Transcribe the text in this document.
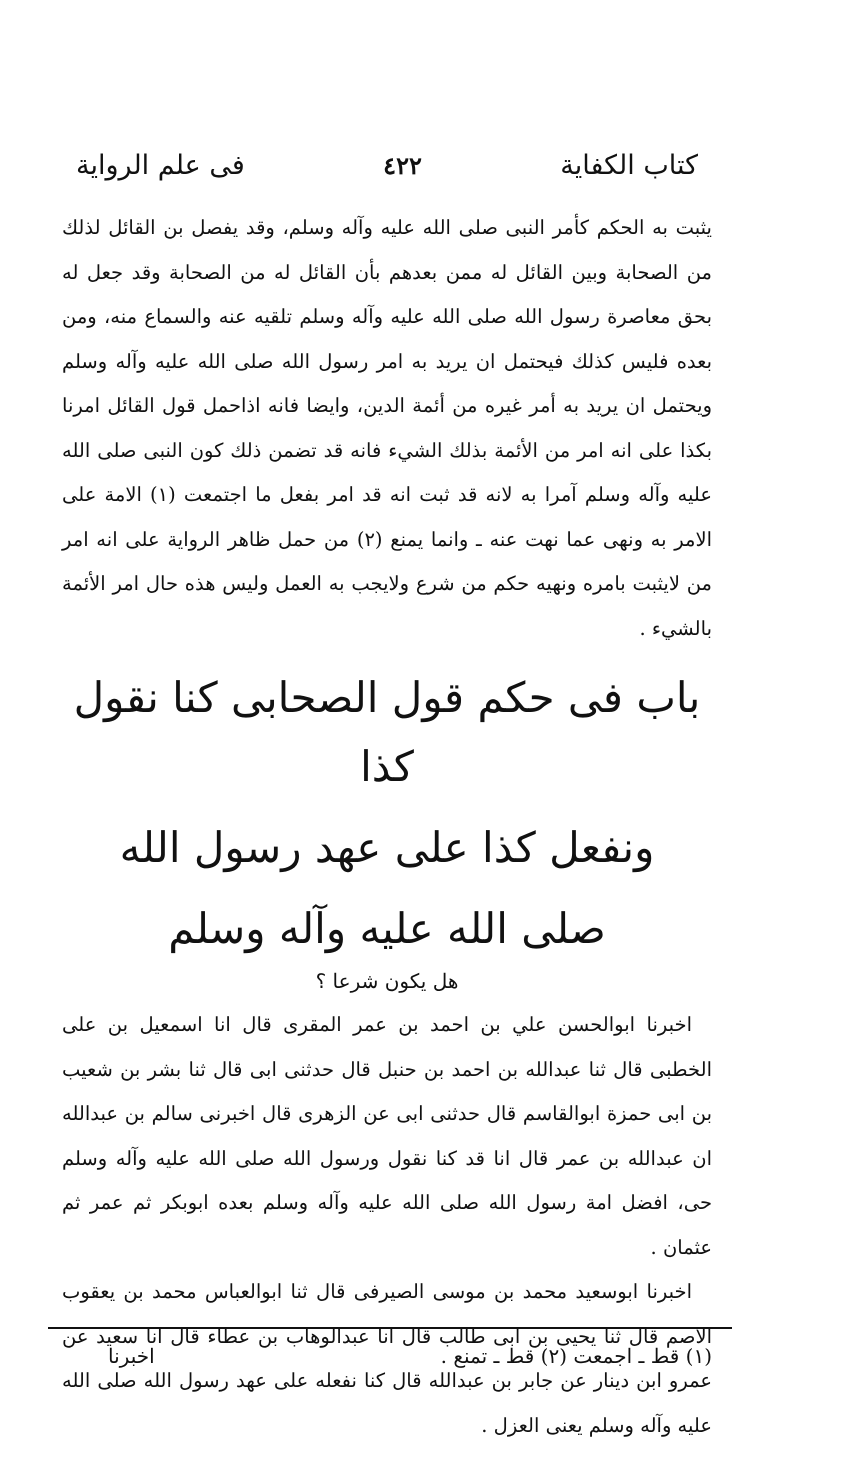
كتاب الكفاية
٤٢٢
فى علم الرواية

يثبت به الحكم كأمر النبى صلى الله عليه وآله وسلم، وقد يفصل بن القائل لذلك من الصحابة وبين القائل له ممن بعدهم بأن القائل له من الصحابة وقد جعل له بحق معاصرة رسول الله صلى الله عليه وآله وسلم تلقيه عنه والسماع منه، ومن بعده فليس كذلك فيحتمل ان يريد به امر رسول الله صلى الله عليه وآله وسلم ويحتمل ان يريد به أمر غيره من أئمة الدين، وايضا فانه اذاحمل قول القائل امرنا بكذا على انه امر من الأئمة بذلك الشيء فانه قد تضمن ذلك كون النبى صلى الله عليه وآله وسلم آمرا به لانه قد ثبت انه قد امر بفعل ما اجتمعت (١) الامة على الامر به ونهى عما نهت عنه ـ وانما يمنع (٢) من حمل ظاهر الرواية على انه امر من لايثبت بامره ونهيه حكم من شرع ولايجب به العمل وليس هذه حال امر الأئمة بالشيء .

باب فى حكم قول الصحابى كنا نقول كذا
ونفعل كذا على عهد رسول الله
صلى الله عليه وآله وسلم
هل يكون شرعا ؟

اخبرنا ابوالحسن علي بن احمد بن عمر المقرى قال انا اسمعيل بن على الخطبى قال ثنا عبدالله بن احمد بن حنبل قال حدثنى ابى قال ثنا بشر بن شعيب بن ابى حمزة ابوالقاسم قال حدثنى ابى عن الزهرى قال اخبرنى سالم بن عبدالله ان عبدالله بن عمر قال انا قد كنا نقول ورسول الله صلى الله عليه وآله وسلم حى، افضل امة رسول الله صلى الله عليه وآله وسلم بعده ابوبكر ثم عمر ثم عثمان .

اخبرنا ابوسعيد محمد بن موسى الصيرفى قال ثنا ابوالعباس محمد بن يعقوب الاصم قال ثنا يحيى بن ابى طالب قال انا عبدالوهاب بن عطاء قال انا سعيد عن عمرو ابن دينار عن جابر بن عبدالله قال كنا نفعله على عهد رسول الله صلى الله عليه وآله وسلم يعنى العزل .

(١) قط ـ اجمعت (٢) قط ـ تمنع .
اخبرنا
